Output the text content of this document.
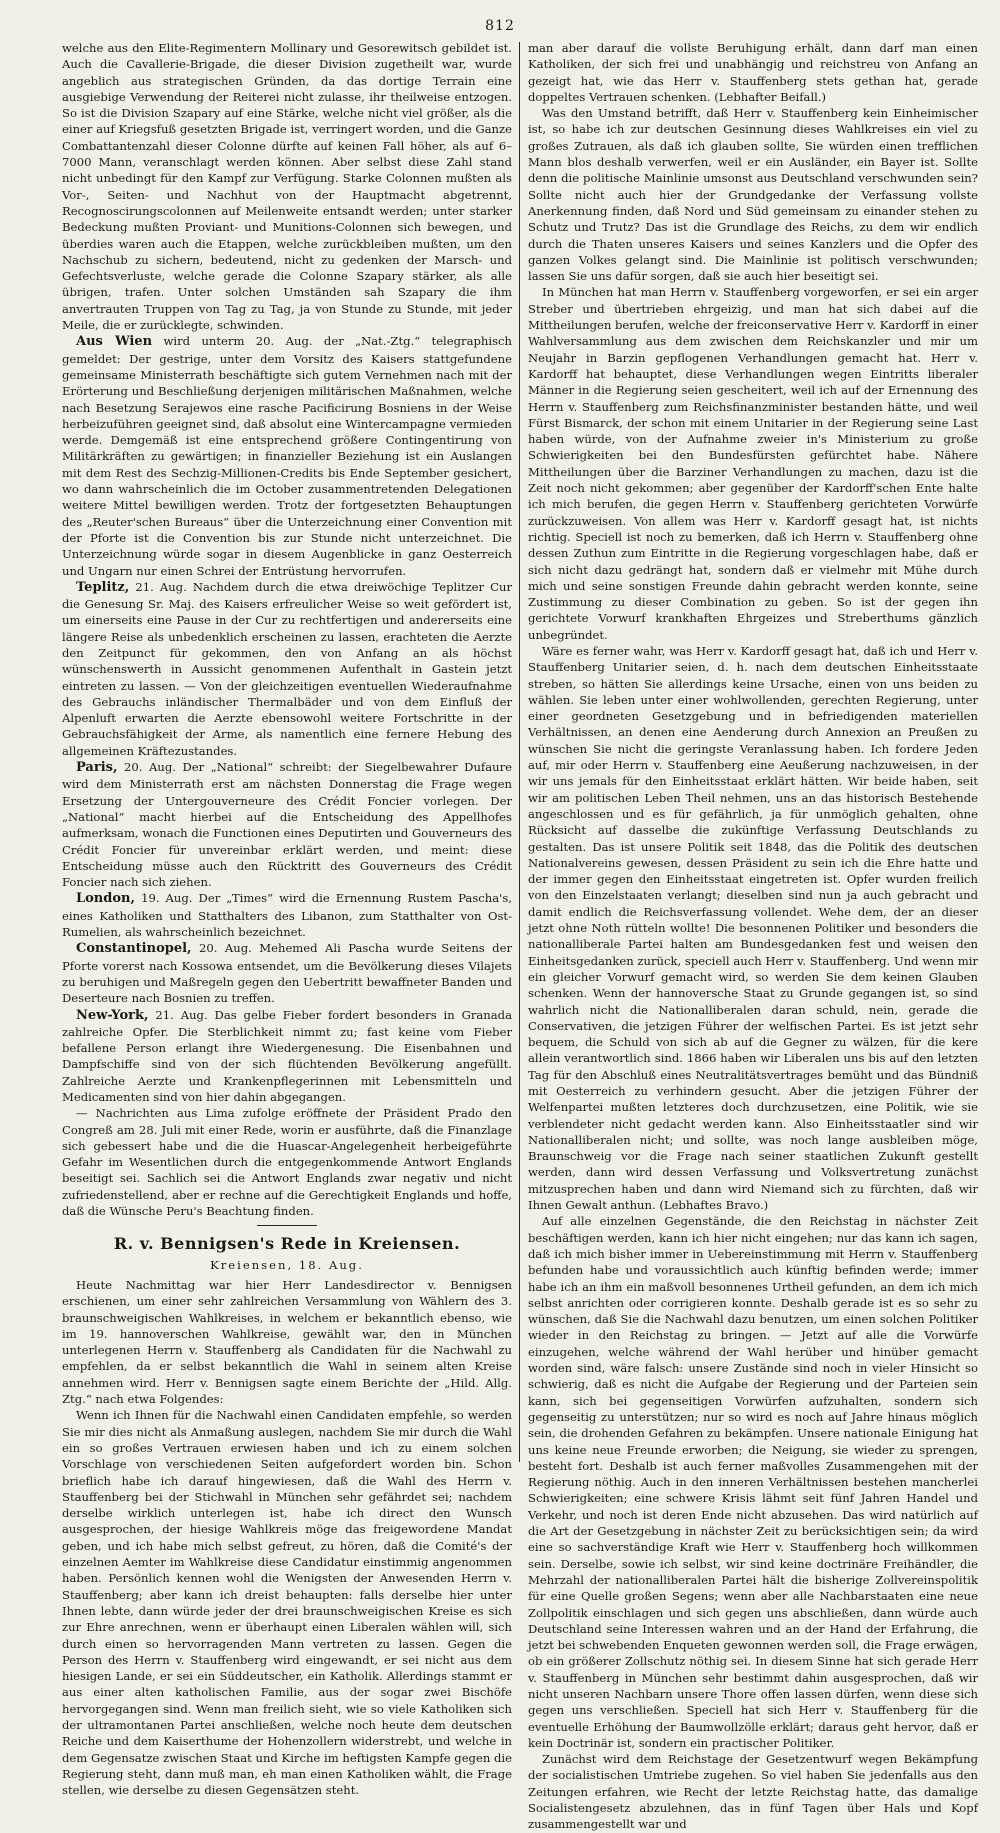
812

welche aus den Elite-Regimentern Mollinary und Gesorewitsch gebildet ist. Auch die Cavallerie-Brigade, die dieser Division zugetheilt war, wurde angeblich aus strategischen Gründen, da das dortige Terrain eine ausgiebige Verwendung der Reiterei nicht zulasse, ihr theilweise entzogen. So ist die Division Szapary auf eine Stärke, welche nicht viel größer, als die einer auf Kriegsfuß gesetzten Brigade ist, verringert worden, und die Ganze Combattantenzahl dieser Colonne dürfte auf keinen Fall höher, als auf 6–7000 Mann, veranschlagt werden können. Aber selbst diese Zahl stand nicht unbedingt für den Kampf zur Verfügung. Starke Colonnen mußten als Vor-, Seiten- und Nachhut von der Hauptmacht abgetrennt, Recognoscirungscolonnen auf Meilenweite entsandt werden; unter starker Bedeckung mußten Proviant- und Munitions-Colonnen sich bewegen, und überdies waren auch die Etappen, welche zurückbleiben mußten, um den Nachschub zu sichern, bedeutend, nicht zu gedenken der Marsch- und Gefechtsverluste, welche gerade die Colonne Szapary stärker, als alle übrigen, trafen. Unter solchen Umständen sah Szapary die ihm anvertrauten Truppen von Tag zu Tag, ja von Stunde zu Stunde, mit jeder Meile, die er zurücklegte, schwinden.

Aus Wien wird unterm 20. Aug. der „Nat.-Ztg.“ telegraphisch gemeldet: Der gestrige, unter dem Vorsitz des Kaisers stattgefundene gemeinsame Ministerrath beschäftigte sich gutem Vernehmen nach mit der Erörterung und Beschließung derjenigen militärischen Maßnahmen, welche nach Besetzung Serajewos eine rasche Pacificirung Bosniens in der Weise herbeizuführen geeignet sind, daß absolut eine Wintercampagne vermieden werde. Demgemäß ist eine entsprechend größere Contingentirung von Militärkräften zu gewärtigen; in finanzieller Beziehung ist ein Auslangen mit dem Rest des Sechzig-Millionen-Credits bis Ende September gesichert, wo dann wahrscheinlich die im October zusammentretenden Delegationen weitere Mittel bewilligen werden. Trotz der fortgesetzten Behauptungen des „Reuter'schen Bureaus“ über die Unterzeichnung einer Convention mit der Pforte ist die Convention bis zur Stunde nicht unterzeichnet. Die Unterzeichnung würde sogar in diesem Augenblicke in ganz Oesterreich und Ungarn nur einen Schrei der Entrüstung hervorrufen.

Teplitz, 21. Aug. Nachdem durch die etwa dreiwöchige Teplitzer Cur die Genesung Sr. Maj. des Kaisers erfreulicher Weise so weit gefördert ist, um einerseits eine Pause in der Cur zu rechtfertigen und andererseits eine längere Reise als unbedenklich erscheinen zu lassen, erachteten die Aerzte den Zeitpunct für gekommen, den von Anfang an als höchst wünschenswerth in Aussicht genommenen Aufenthalt in Gastein jetzt eintreten zu lassen. — Von der gleichzeitigen eventuellen Wiederaufnahme des Gebrauchs inländischer Thermalbäder und von dem Einfluß der Alpenluft erwarten die Aerzte ebensowohl weitere Fortschritte in der Gebrauchsfähigkeit der Arme, als namentlich eine fernere Hebung des allgemeinen Kräftezustandes.

Paris, 20. Aug. Der „National“ schreibt: der Siegelbewahrer Dufaure wird dem Ministerrath erst am nächsten Donnerstag die Frage wegen Ersetzung der Untergouverneure des Crédit Foncier vorlegen. Der „National“ macht hierbei auf die Entscheidung des Appellhofes aufmerksam, wonach die Functionen eines Deputirten und Gouverneurs des Crédit Foncier für unvereinbar erklärt werden, und meint: diese Entscheidung müsse auch den Rücktritt des Gouverneurs des Crédit Foncier nach sich ziehen.

London, 19. Aug. Der „Times“ wird die Ernennung Rustem Pascha's, eines Katholiken und Statthalters des Libanon, zum Statthalter von Ost-Rumelien, als wahrscheinlich bezeichnet.

Constantinopel, 20. Aug. Mehemed Ali Pascha wurde Seitens der Pforte vorerst nach Kossowa entsendet, um die Bevölkerung dieses Vilajets zu beruhigen und Maßregeln gegen den Uebertritt bewaffneter Banden und Deserteure nach Bosnien zu treffen.

New-York, 21. Aug. Das gelbe Fieber fordert besonders in Granada zahlreiche Opfer. Die Sterblichkeit nimmt zu; fast keine vom Fieber befallene Person erlangt ihre Wiedergenesung. Die Eisenbahnen und Dampfschiffe sind von der sich flüchtenden Bevölkerung angefüllt. Zahlreiche Aerzte und Krankenpflegerinnen mit Lebensmitteln und Medicamenten sind von hier dahin abgegangen.

— Nachrichten aus Lima zufolge eröffnete der Präsident Prado den Congreß am 28. Juli mit einer Rede, worin er ausführte, daß die Finanzlage sich gebessert habe und die die Huascar-Angelegenheit herbeigeführte Gefahr im Wesentlichen durch die entgegenkommende Antwort Englands beseitigt sei. Sachlich sei die Antwort Englands zwar negativ und nicht zufriedenstellend, aber er rechne auf die Gerechtigkeit Englands und hoffe, daß die Wünsche Peru's Beachtung finden.

R. v. Bennigsen's Rede in Kreiensen.
Kreiensen, 18. Aug.

Heute Nachmittag war hier Herr Landesdirector v. Bennigsen erschienen, um einer sehr zahlreichen Versammlung von Wählern des 3. braunschweigischen Wahlkreises, in welchem er bekanntlich ebenso, wie im 19. hannoverschen Wahlkreise, gewählt war, den in München unterlegenen Herrn v. Stauffenberg als Candidaten für die Nachwahl zu empfehlen, da er selbst bekanntlich die Wahl in seinem alten Kreise annehmen wird. Herr v. Bennigsen sagte einem Berichte der „Hild. Allg. Ztg.“ nach etwa Folgendes:

Wenn ich Ihnen für die Nachwahl einen Candidaten empfehle, so werden Sie mir dies nicht als Anmaßung auslegen, nachdem Sie mir durch die Wahl ein so großes Vertrauen erwiesen haben und ich zu einem solchen Vorschlage von verschiedenen Seiten aufgefordert worden bin. Schon brieflich habe ich darauf hingewiesen, daß die Wahl des Herrn v. Stauffenberg bei der Stichwahl in München sehr gefährdet sei; nachdem derselbe wirklich unterlegen ist, habe ich direct den Wunsch ausgesprochen, der hiesige Wahlkreis möge das freigewordene Mandat geben, und ich habe mich selbst gefreut, zu hören, daß die Comité's der einzelnen Aemter im Wahlkreise diese Candidatur einstimmig angenommen haben. Persönlich kennen wohl die Wenigsten der Anwesenden Herrn v. Stauffenberg; aber kann ich dreist behaupten: falls derselbe hier unter Ihnen lebte, dann würde jeder der drei braunschweigischen Kreise es sich zur Ehre anrechnen, wenn er überhaupt einen Liberalen wählen will, sich durch einen so hervorragenden Mann vertreten zu lassen. Gegen die Person des Herrn v. Stauffenberg wird eingewandt, er sei nicht aus dem hiesigen Lande, er sei ein Süddeutscher, ein Katholik. Allerdings stammt er aus einer alten katholischen Familie, aus der sogar zwei Bischöfe hervorgegangen sind. Wenn man freilich sieht, wie so viele Katholiken sich der ultramontanen Partei anschließen, welche noch heute dem deutschen Reiche und dem Kaiserthume der Hohenzollern widerstrebt, und welche in dem Gegensatze zwischen Staat und Kirche im heftigsten Kampfe gegen die Regierung steht, dann muß man, eh man einen Katholiken wählt, die Frage stellen, wie derselbe zu diesen Gegensätzen steht.

man aber darauf die vollste Beruhigung erhält, dann darf man einen Katholiken, der sich frei und unabhängig und reichstreu von Anfang an gezeigt hat, wie das Herr v. Stauffenberg stets gethan hat, gerade doppeltes Vertrauen schenken. (Lebhafter Beifall.)

Was den Umstand betrifft, daß Herr v. Stauffenberg kein Einheimischer ist, so habe ich zur deutschen Gesinnung dieses Wahlkreises ein viel zu großes Zutrauen, als daß ich glauben sollte, Sie würden einen trefflichen Mann blos deshalb verwerfen, weil er ein Ausländer, ein Bayer ist. Sollte denn die politische Mainlinie umsonst aus Deutschland verschwunden sein? Sollte nicht auch hier der Grundgedanke der Verfassung vollste Anerkennung finden, daß Nord und Süd gemeinsam zu einander stehen zu Schutz und Trutz? Das ist die Grundlage des Reichs, zu dem wir endlich durch die Thaten unseres Kaisers und seines Kanzlers und die Opfer des ganzen Volkes gelangt sind. Die Mainlinie ist politisch verschwunden; lassen Sie uns dafür sorgen, daß sie auch hier beseitigt sei.

In München hat man Herrn v. Stauffenberg vorgeworfen, er sei ein arger Streber und übertrieben ehrgeizig, und man hat sich dabei auf die Mittheilungen berufen, welche der freiconservative Herr v. Kardorff in einer Wahlversammlung aus dem zwischen dem Reichskanzler und mir um Neujahr in Barzin gepflogenen Verhandlungen gemacht hat. Herr v. Kardorff hat behauptet, diese Verhandlungen wegen Eintritts liberaler Männer in die Regierung seien gescheitert, weil ich auf der Ernennung des Herrn v. Stauffenberg zum Reichsfinanzminister bestanden hätte, und weil Fürst Bismarck, der schon mit einem Unitarier in der Regierung seine Last haben würde, von der Aufnahme zweier in's Ministerium zu große Schwierigkeiten bei den Bundesfürsten gefürchtet habe. Nähere Mittheilungen über die Barziner Verhandlungen zu machen, dazu ist die Zeit noch nicht gekommen; aber gegenüber der Kardorff'schen Ente halte ich mich berufen, die gegen Herrn v. Stauffenberg gerichteten Vorwürfe zurückzuweisen. Von allem was Herr v. Kardorff gesagt hat, ist nichts richtig. Speciell ist noch zu bemerken, daß ich Herrn v. Stauffenberg ohne dessen Zuthun zum Eintritte in die Regierung vorgeschlagen habe, daß er sich nicht dazu gedrängt hat, sondern daß er vielmehr mit Mühe durch mich und seine sonstigen Freunde dahin gebracht werden konnte, seine Zustimmung zu dieser Combination zu geben. So ist der gegen ihn gerichtete Vorwurf krankhaften Ehrgeizes und Streberthums gänzlich unbegründet.

Wäre es ferner wahr, was Herr v. Kardorff gesagt hat, daß ich und Herr v. Stauffenberg Unitarier seien, d. h. nach dem deutschen Einheitsstaate streben, so hätten Sie allerdings keine Ursache, einen von uns beiden zu wählen. Sie leben unter einer wohlwollenden, gerechten Regierung, unter einer geordneten Gesetzgebung und in befriedigenden materiellen Verhältnissen, an denen eine Aenderung durch Annexion an Preußen zu wünschen Sie nicht die geringste Veranlassung haben. Ich fordere Jeden auf, mir oder Herrn v. Stauffenberg eine Aeußerung nachzuweisen, in der wir uns jemals für den Einheitsstaat erklärt hätten. Wir beide haben, seit wir am politischen Leben Theil nehmen, uns an das historisch Bestehende angeschlossen und es für gefährlich, ja für unmöglich gehalten, ohne Rücksicht auf dasselbe die zukünftige Verfassung Deutschlands zu gestalten. Das ist unsere Politik seit 1848, das die Politik des deutschen Nationalvereins gewesen, dessen Präsident zu sein ich die Ehre hatte und der immer gegen den Einheitsstaat eingetreten ist. Opfer wurden freilich von den Einzelstaaten verlangt; dieselben sind nun ja auch gebracht und damit endlich die Reichsverfassung vollendet. Wehe dem, der an dieser jetzt ohne Noth rütteln wollte! Die besonnenen Politiker und besonders die nationalliberale Partei halten am Bundesgedanken fest und weisen den Einheitsgedanken zurück, speciell auch Herr v. Stauffenberg. Und wenn mir ein gleicher Vorwurf gemacht wird, so werden Sie dem keinen Glauben schenken. Wenn der hannoversche Staat zu Grunde gegangen ist, so sind wahrlich nicht die Nationalliberalen daran schuld, nein, gerade die Conservativen, die jetzigen Führer der welfischen Partei. Es ist jetzt sehr bequem, die Schuld von sich ab auf die Gegner zu wälzen, für die kere allein verantwortlich sind. 1866 haben wir Liberalen uns bis auf den letzten Tag für den Abschluß eines Neutralitätsvertrages bemüht und das Bündniß mit Oesterreich zu verhindern gesucht. Aber die jetzigen Führer der Welfenpartei mußten letzteres doch durchzusetzen, eine Politik, wie sie verblendeter nicht gedacht werden kann. Also Einheitsstaatler sind wir Nationalliberalen nicht; und sollte, was noch lange ausbleiben möge, Braunschweig vor die Frage nach seiner staatlichen Zukunft gestellt werden, dann wird dessen Verfassung und Volksvertretung zunächst mitzusprechen haben und dann wird Niemand sich zu fürchten, daß wir Ihnen Gewalt anthun. (Lebhaftes Bravo.)

Auf alle einzelnen Gegenstände, die den Reichstag in nächster Zeit beschäftigen werden, kann ich hier nicht eingehen; nur das kann ich sagen, daß ich mich bisher immer in Uebereinstimmung mit Herrn v. Stauffenberg befunden habe und voraussichtlich auch künftig befinden werde; immer habe ich an ihm ein maßvoll besonnenes Urtheil gefunden, an dem ich mich selbst anrichten oder corrigieren konnte. Deshalb gerade ist es so sehr zu wünschen, daß Sie die Nachwahl dazu benutzen, um einen solchen Politiker wieder in den Reichstag zu bringen. — Jetzt auf alle die Vorwürfe einzugehen, welche während der Wahl herüber und hinüber gemacht worden sind, wäre falsch: unsere Zustände sind noch in vieler Hinsicht so schwierig, daß es nicht die Aufgabe der Regierung und der Parteien sein kann, sich bei gegenseitigen Vorwürfen aufzuhalten, sondern sich gegenseitig zu unterstützen; nur so wird es noch auf Jahre hinaus möglich sein, die drohenden Gefahren zu bekämpfen. Unsere nationale Einigung hat uns keine neue Freunde erworben; die Neigung, sie wieder zu sprengen, besteht fort. Deshalb ist auch ferner maßvolles Zusammengehen mit der Regierung nöthig. Auch in den inneren Verhältnissen bestehen mancherlei Schwierigkeiten; eine schwere Krisis lähmt seit fünf Jahren Handel und Verkehr, und noch ist deren Ende nicht abzusehen. Das wird natürlich auf die Art der Gesetzgebung in nächster Zeit zu berücksichtigen sein; da wird eine so sachverständige Kraft wie Herr v. Stauffenberg hoch willkommen sein. Derselbe, sowie ich selbst, wir sind keine doctrinäre Freihändler, die Mehrzahl der nationalliberalen Partei hält die bisherige Zollvereinspolitik für eine Quelle großen Segens; wenn aber alle Nachbarstaaten eine neue Zollpolitik einschlagen und sich gegen uns abschließen, dann würde auch Deutschland seine Interessen wahren und an der Hand der Erfahrung, die jetzt bei schwebenden Enqueten gewonnen werden soll, die Frage erwägen, ob ein größerer Zollschutz nöthig sei. In diesem Sinne hat sich gerade Herr v. Stauffenberg in München sehr bestimmt dahin ausgesprochen, daß wir nicht unseren Nachbarn unsere Thore offen lassen dürfen, wenn diese sich gegen uns verschließen. Speciell hat sich Herr v. Stauffenberg für die eventuelle Erhöhung der Baumwollzölle erklärt; daraus geht hervor, daß er kein Doctrinär ist, sondern ein practischer Politiker.

Zunächst wird dem Reichstage der Gesetzentwurf wegen Bekämpfung der socialistischen Umtriebe zugehen. So viel haben Sie jedenfalls aus den Zeitungen erfahren, wie Recht der letzte Reichstag hatte, das damalige Socialistengesetz abzulehnen, das in fünf Tagen über Hals und Kopf zusammengestellt war und
